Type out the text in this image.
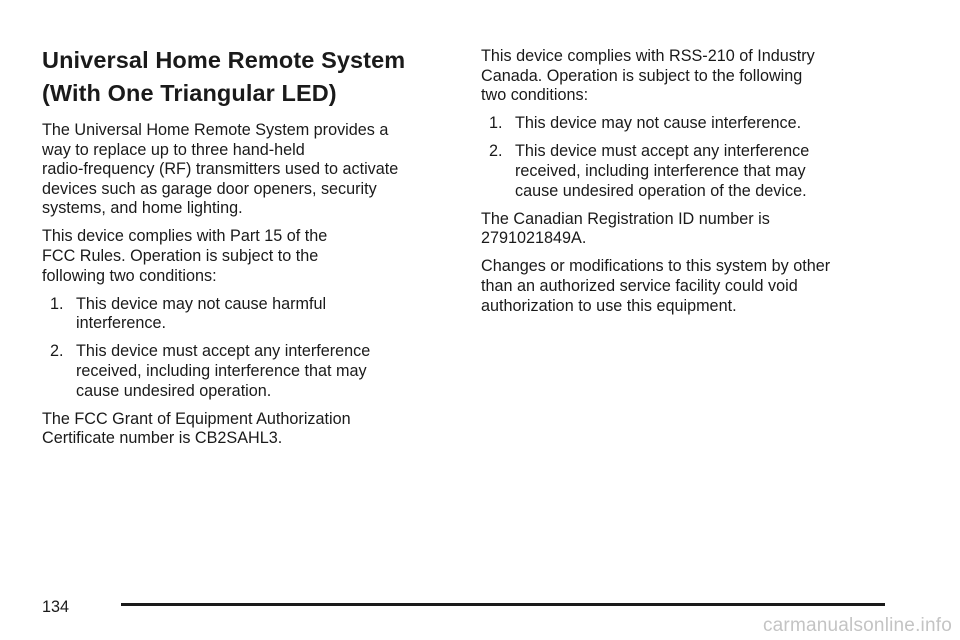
Universal Home Remote System
(With One Triangular LED)

The Universal Home Remote System provides a
way to replace up to three hand-held
radio-frequency (RF) transmitters used to activate
devices such as garage door openers, security
systems, and home lighting.

This device complies with Part 15 of the
FCC Rules. Operation is subject to the
following two conditions:

1. This device may not cause harmful
interference.
2. This device must accept any interference
received, including interference that may
cause undesired operation.

The FCC Grant of Equipment Authorization
Certificate number is CB2SAHL3.

This device complies with RSS-210 of Industry
Canada. Operation is subject to the following
two conditions:

1. This device may not cause interference.
2. This device must accept any interference
received, including interference that may
cause undesired operation of the device.

The Canadian Registration ID number is
2791021849A.

Changes or modifications to this system by other
than an authorized service facility could void
authorization to use this equipment.

134
carmanualsonline.info
